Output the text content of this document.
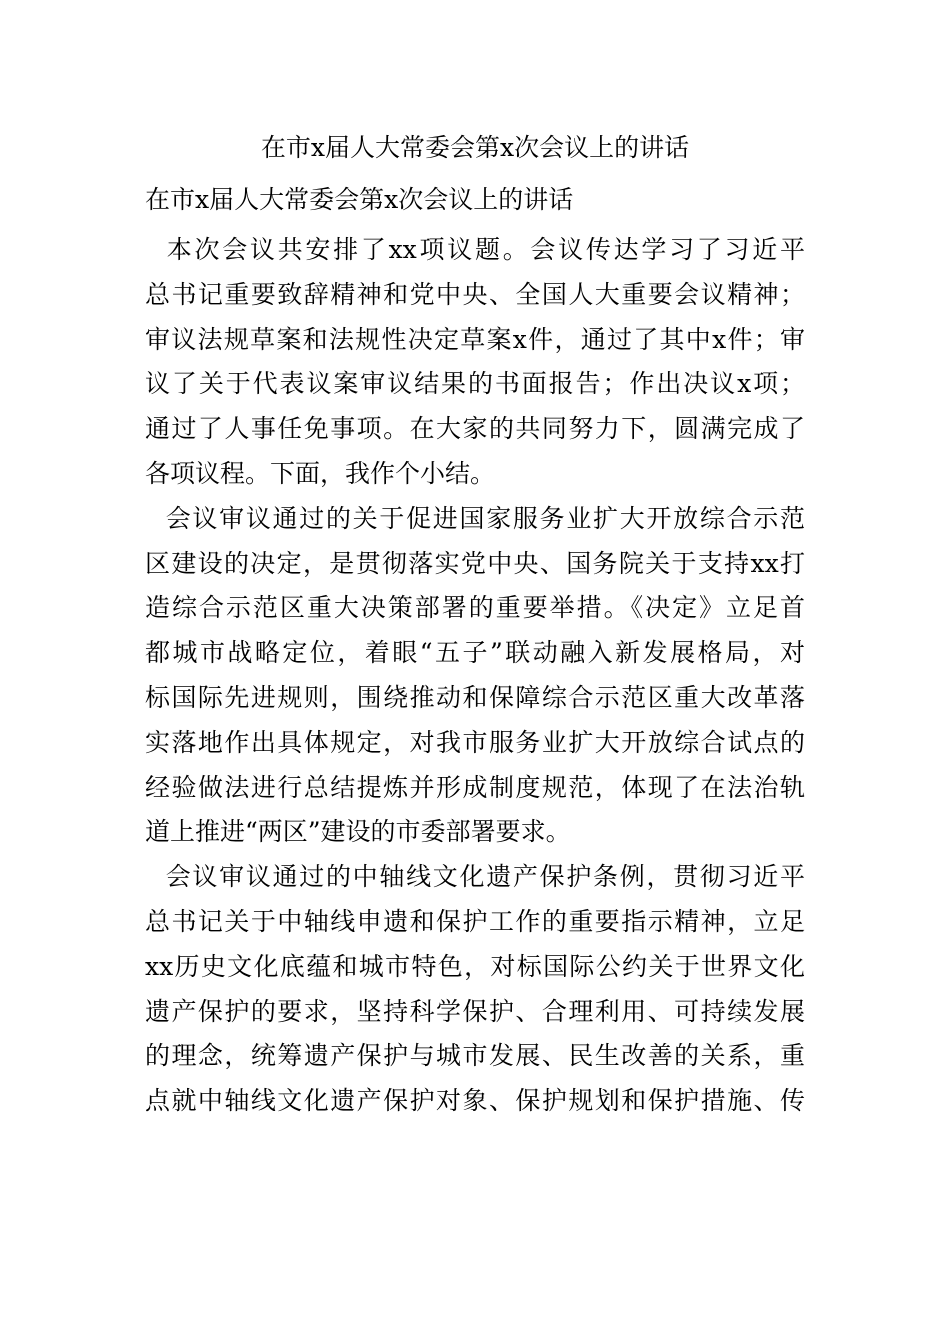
在市x届人大常委会第x次会议上的讲话
在市x届人大常委会第x次会议上的讲话
　本次会议共安排了xx项议题。会议传达学习了习近平
总书记重要致辞精神和党中央、全国人大重要会议精神；
审议法规草案和法规性决定草案x件，通过了其中x件；审
议了关于代表议案审议结果的书面报告；作出决议x项；
通过了人事任免事项。在大家的共同努力下，圆满完成了
各项议程。下面，我作个小结。
　会议审议通过的关于促进国家服务业扩大开放综合示范
区建设的决定，是贯彻落实党中央、国务院关于支持xx打
造综合示范区重大决策部署的重要举措。《决定》立足首
都城市战略定位，着眼“五子”联动融入新发展格局，对
标国际先进规则，围绕推动和保障综合示范区重大改革落
实落地作出具体规定，对我市服务业扩大开放综合试点的
经验做法进行总结提炼并形成制度规范，体现了在法治轨
道上推进“两区”建设的市委部署要求。
　会议审议通过的中轴线文化遗产保护条例，贯彻习近平
总书记关于中轴线申遗和保护工作的重要指示精神，立足
xx历史文化底蕴和城市特色，对标国际公约关于世界文化
遗产保护的要求，坚持科学保护、合理利用、可持续发展
的理念，统筹遗产保护与城市发展、民生改善的关系，重
点就中轴线文化遗产保护对象、保护规划和保护措施、传
